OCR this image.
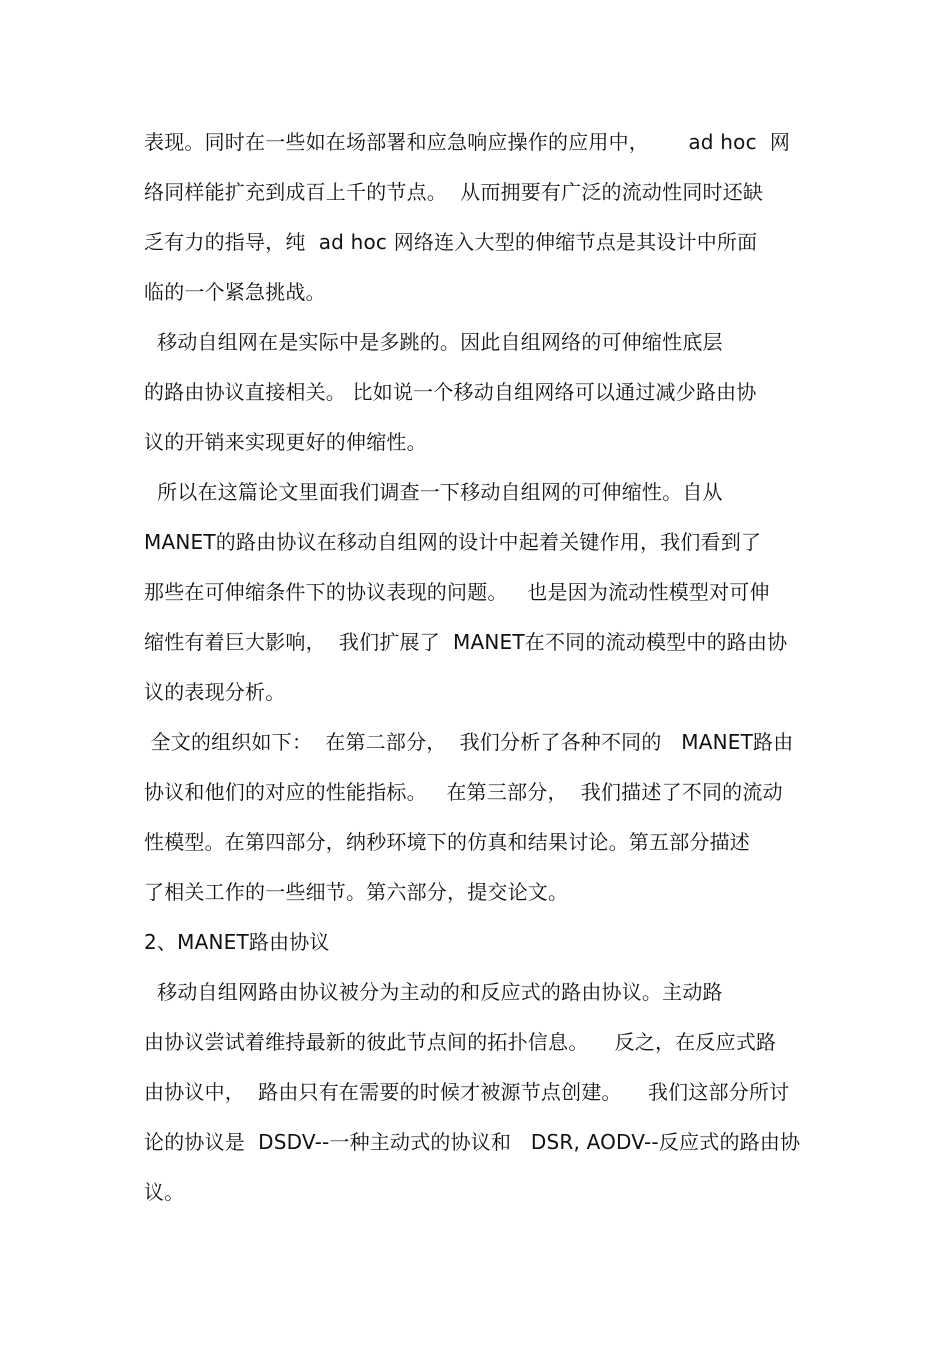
表现。同时在一些如在场部署和应急响应操作的应用中，      ad hoc  网
络同样能扩充到成百上千的节点。  从而拥要有广泛的流动性同时还缺
乏有力的指导，纯  ad hoc 网络连入大型的伸缩节点是其设计中所面
临的一个紧急挑战。
移动自组网在是实际中是多跳的。因此自组网络的可伸缩性底层
的路由协议直接相关。 比如说一个移动自组网络可以通过减少路由协
议的开销来实现更好的伸缩性。
所以在这篇论文里面我们调查一下移动自组网的可伸缩性。自从
MANET的路由协议在移动自组网的设计中起着关键作用，我们看到了
那些在可伸缩条件下的协议表现的问题。   也是因为流动性模型对可伸
缩性有着巨大影响，  我们扩展了  MANET在不同的流动模型中的路由协
议的表现分析。
全文的组织如下：  在第二部分，  我们分析了各种不同的   MANET路由
协议和他们的对应的性能指标。   在第三部分，  我们描述了不同的流动
性模型。在第四部分，纳秒环境下的仿真和结果讨论。第五部分描述
了相关工作的一些细节。第六部分，提交论文。
2、MANET路由协议
移动自组网路由协议被分为主动的和反应式的路由协议。主动路
由协议尝试着维持最新的彼此节点间的拓扑信息。    反之，在反应式路
由协议中，  路由只有在需要的时候才被源节点创建。    我们这部分所讨
论的协议是  DSDV--一种主动式的协议和   DSR, AODV--反应式的路由协
议。
